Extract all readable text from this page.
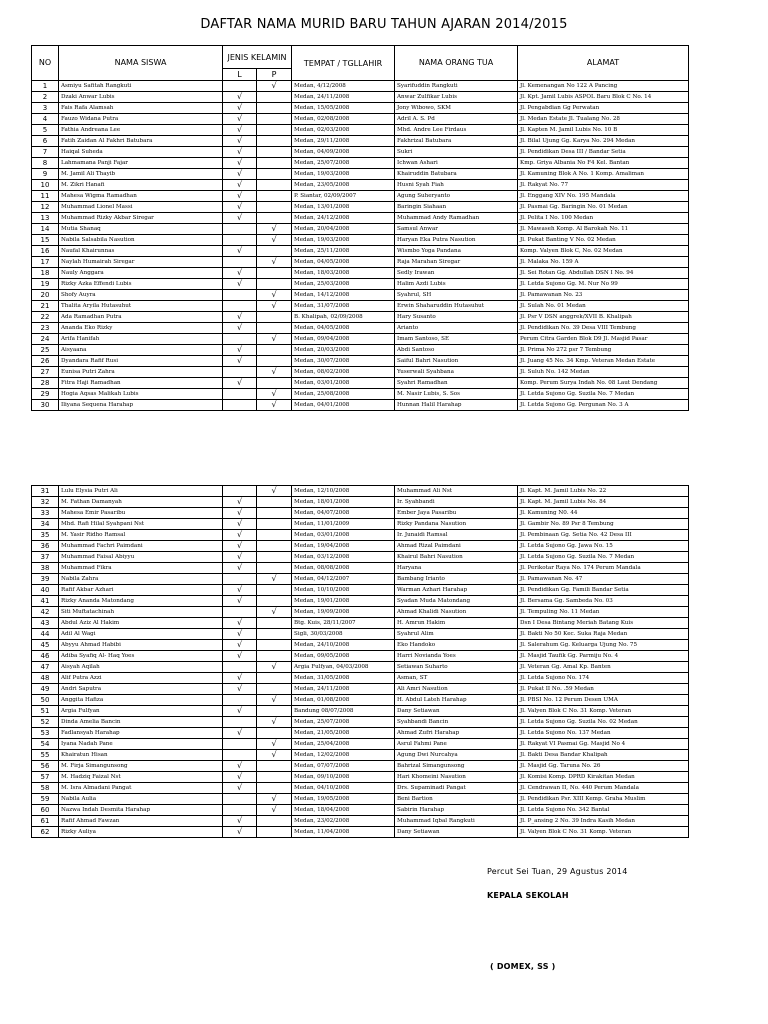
DAFTAR NAMA MURID BARU TAHUN AJARAN 2014/2015
NO	NAMA SISWA	JENIS KELAMIN		TEMPAT / TGLLAHIR	NAMA ORANG TUA	ALAMAT
		L	P			
1	Asmiyu Safitah Rangkuti		√	Medan, 4/12/2008	Syarifuddin Rangkuti	Jl. Kemenangan No 122 A Pancing
2	Dzaki Anwar Lubis	√		Medan, 24/11/2008	Anwar Zulfikar Lubis	Jl. Kpt. Jamil Lubis ASPOL Baru Blok C No. 14
3	Fais Rafa Alamsah	√		Medan, 15/05/2008	Jony Wibowo, SKM	Jl. Pengabdian Gg Perwatan
4	Fauzo Widana Putra	√		Medan, 02/08/2008	Adril A. S. Pd	Jl. Medan Estate Jl. Tualang No. 28
5	Fathia Andreana Lee	√		Medan, 02/03/2008	Mhd. Andre Lee Firdaus	Jl. Kapten M. Jamil Lubis No. 10 B
6	Fatih Zaidan Al Fakhri Batubara	√		Medan, 29/11/2008	Fakhrizal Batubara	Jl. Bilal Ujung Gg. Karya No. 294 Medan
7	Haiqal Suheda	√		Medan, 04/09/2008	Sukri	Jl. Pendidikan Desa III / Bandar Setia
8	Lahmamana Panji Fajar	√		Medan, 25/07/2008	Ichwan Ashari	Kmp. Griya Albania No F4 Kel. Bantan
9	M. Jamil Ali Thayib	√		Medan, 19/03/2008	Khairuddin Batubara	Jl. Kamuning Blok A No. 1 Komp. Amaliman
10	M. Zikri Hanafi	√		Medan, 23/05/2008	Husni Syah Fiah	Jl. Rakyat No. 77
11	Mahesa Wigma Ramadhan	√		P. Siantar, 02/09/2007	Agung Suheryanto	Jl. Enggang XIV No. 195 Mandala
12	Muhammad Lionel Massi	√		Medan, 13/01/2008	Baringin Siahaan	Jl. Pasmai Gg. Baringin No. 01 Medan
13	Muhammad Rizky Akbar Siregar	√		Medan, 24/12/2008	Muhammad Andy Ramadhan	Jl. Pelita I No. 100 Medan
14	Mutia Shanaq		√	Medan, 20/04/2008	Samsul Anwar	Jl. Mawaseh Komp. Al Barokah No. 11
15	Nabila Salsabila Nasution		√	Medan, 19/03/2008	Haryan Eka Putra Nasution	Jl. Pukat Banting V No. 02 Medan
16	Naufal Khairunnas	√		Medan, 25/11/2008	Wismbo Yoga Pandana	Komp. Valyen Blok C, No. 02 Medan
17	Naylah Humairah Siregar		√	Medan, 04/05/2008	Raja Marahan Siregar	Jl. Malaka No. 159 A
18	Nauly Anggara	√		Medan, 18/03/2008	Sedly Irawan	Jl. Sei Rotan Gg. Abdullah DSN I No. 94
19	Rizky Azka Effendi Lubis	√		Medan, 25/03/2008	Halim Azdi Lubis	Jl. Letda Sujono Gg. M. Nur No 99
20	Shofy Auyra		√	Medan, 14/12/2008	Syahrul, SH	Jl. Pamawanan No. 23
21	Thalita Aryila Hutasuhut		√	Medan, 31/07/2008	Erwin Shaharuddin Hutasuhut	Jl. Sulah No. 01 Medan
22	Ada Ramadhan Putra	√		B. Khalipah, 02/09/2008	Hary Susanto	Jl. Psr V DSN anggrek/XVII B. Khalipah
23	Ananda Eko Rizky	√		Medan, 04/05/2008	Arianto	Jl. Pendidikan No. 39 Desa VIII Tembung
24	Arifa Hanifah		√	Medan, 09/04/2008	Imam Santoso, SE	Perum Citra Garden Blok D9 Jl. Masjid Pasar
25	Aisyaana	√		Medan, 20/03/2008	Abdi Santoso	Jl. Prima No 272 psr 7 Tembung
26	Dyandara Rafif Rusi	√		Medan, 30/07/2008	Saiful Bahri Nasution	Jl. Juang 45 No. 34 Kmp. Veteran Medan Estate
27	Eunisa Putri Zahra		√	Medan, 08/02/2008	Yuserwali Syahbana	Jl. Suluh No. 142 Medan
28	Fitra Haji Ramadhan	√		Medan, 03/01/2008	Syahri Ramadhan	Komp. Perum Surya Indah No. 08 Laut Dendang
29	Hogia Aqsas Malikah Lubis		√	Medan, 25/08/2008	M. Nasir Lubis, S. Sos	Jl. Letda Sujono Gg. Suzila No. 7 Medan
30	Iliyana Sequena Harahap		√	Medan, 04/01/2008	Hunnan Halil Harahap	Jl. Letda Sujono Gg. Pergunan No. 3 A
31	Lulu Elysia Putri Ali		√	Medan, 12/10/2008	Muhammad Ali Nst	Jl. Kapt. M. Jamil Lubis No. 22
32	M. Fathan Damanyah	√		Medan, 18/01/2008	Ir. Syahbandi	Jl. Kapt. M. Jamil Lubis No. 84
33	Mahesa Emir Pasaribu	√		Medan, 04/07/2008	Ember Jaya Pasaribu	Jl. Kamuning N0. 44
34	Mhd. Rafi Hilal Syahpani Nst	√		Medan, 11/01/2009	Rizky Pandana Nasution	Jl. Gambir No. 89 Psr 8 Tembung
35	M. Yasir Ridho Ramsal	√		Medan, 03/01/2008	Ir. Junaidi Ramsal	Jl. Pembinaan Gg. Setia No. 42 Desa III
36	Muhammad Fachri Paimdani	√		Medan, 19/04/2008	Ahmad Rizal Paimdani	Jl. Letda Sujono Gg. Jawa No. 15
37	Muhammad Faisal Abiyyu	√		Medan, 03/12/2008	Khairul Bahri Nasution	Jl. Letda Sujono Gg. Suzila No. 7 Medan
38	Muhammad Fikra	√		Medan, 08/08/2008	Haryana	Jl. Perikotar Raya No. 174 Perum Mandala
39	Nabila Zahra		√	Medan, 04/12/2007	Bambang Irianto	Jl. Pamawanan No. 47
40	Rafif Akbar Azhari	√		Medan, 10/10/2008	Warman Azhari Harahap	Jl. Pendidikan Gg. Famili Bandar Setia
41	Rizky Ananda Matondang	√		Medan, 19/01/2008	Syadan Muda Matondang	Jl. Bersama Gg. Sambeda No. 03
42	Siti Muftatachinah		√	Medan, 19/09/2008	Ahmad Khalidi Nasution	Jl. Tempuling No. 11 Medan
43	Abdul Aziz Al Hakim	√		Btg. Kuis, 28/11/2007	H. Amrun Hakim	Dsn I Desa Bintang Meriah Batang Kuis
44	Adil Al Wagi	√		Sigli, 30/03/2008	Syahrul Alim	Jl. Bakti No 50 Kec. Suka Raja Medan
45	Abyyu Ahmad Habibi	√		Medan, 24/10/2008	Eko Handoko	Jl. Salerahum Gg. Keluarga Ujung No. 75
46	Adiba Syafiq Al- Haq Yoes	√		Medan, 09/05/2008	Harri Novianda Yoes	Jl. Masjid Taufik Gg. Parmiju No. 4
47	Aisyah Aqilah		√	Argia Fulfyan, 04/03/2008	Setiawan Suharto	Jl. Veteran Gg. Amal Kp. Banten
48	Alif Putra Azzi	√		Medan, 31/05/2008	Asman, ST	Jl. Letda Sujono No. 174
49	Andri Saputra	√		Medan, 24/11/2008	Ali Amri Nasution	Jl. Pukat II No. .59 Medan
50	Anggita Hafiza		√	Medan, 01/08/2008	H. Abdul Lateh Harahap	Jl. PBSI No. 12 Perum Desen UMA
51	Argia Fulfyan	√		Bandung 08/07/2008	Dany Setiawan	Jl. Valyen Blok C No. 31 Komp. Veteran
52	Dinda Amelia Bancin		√	Medan, 25/07/2008	Syahbandi Bancin	Jl. Letda Sujono Gg. Suzila No. 02 Medan
53	Fadlansyah Harahap	√		Medan, 21/05/2008	Ahmad Zufri Harahap	Jl. Letda Sujono No. 137 Medan
54	Iyana Nadah Pane		√	Medan, 25/04/2008	Asrul Fahmi Pane	Jl. Rakyat VI Pasmai Gg. Masjid No 4
55	Khairatun Hisan		√	Medan, 12/02/2008	Agung Dwi Nurcahya	Jl. Bakti Desa Bandar Khalipah
56	M. Firja Simangunsong	√		Medan, 07/07/2008	Bahrizal Simangunsong	Jl. Masjid Gg. Taruna No. 26
57	M. Hadziq Faizal Nst	√		Medan, 09/10/2008	Hari Khomeini Nasution	Jl. Komisi Komp. DPRD Kirakitan Medan
58	M. Isra Almadani Pangat	√		Medan, 04/10/2008	Drs. Supaminadi Pangat	Jl. Cendrawan II, No. 440 Perum Mandala
59	Nabila Aulia		√	Medan, 19/05/2008	Beni Bartion	Jl. Pendidikan Psr. XIII Kemp. Graha Muslim
60	Nazwa Indah Desmita Harahap		√	Medan, 18/04/2008	Sabirin Harahap	Jl. Letda Sujono No. 342 Bantal
61	Rafif Ahmad Fawzan	√		Medan, 23/02/2008	Muhammad Iqbal Rangkuti	Jl. P_ansing 2 No. 39 Indra Kasih Medan
62	Rizky Auliya	√		Medan, 11/04/2008	Dany Setiawan	Jl. Valyen Blok C No. 31 Komp. Veteran
Percut Sei Tuan, 29 Agustus 2014
KEPALA SEKOLAH
( DOMEX, SS )
